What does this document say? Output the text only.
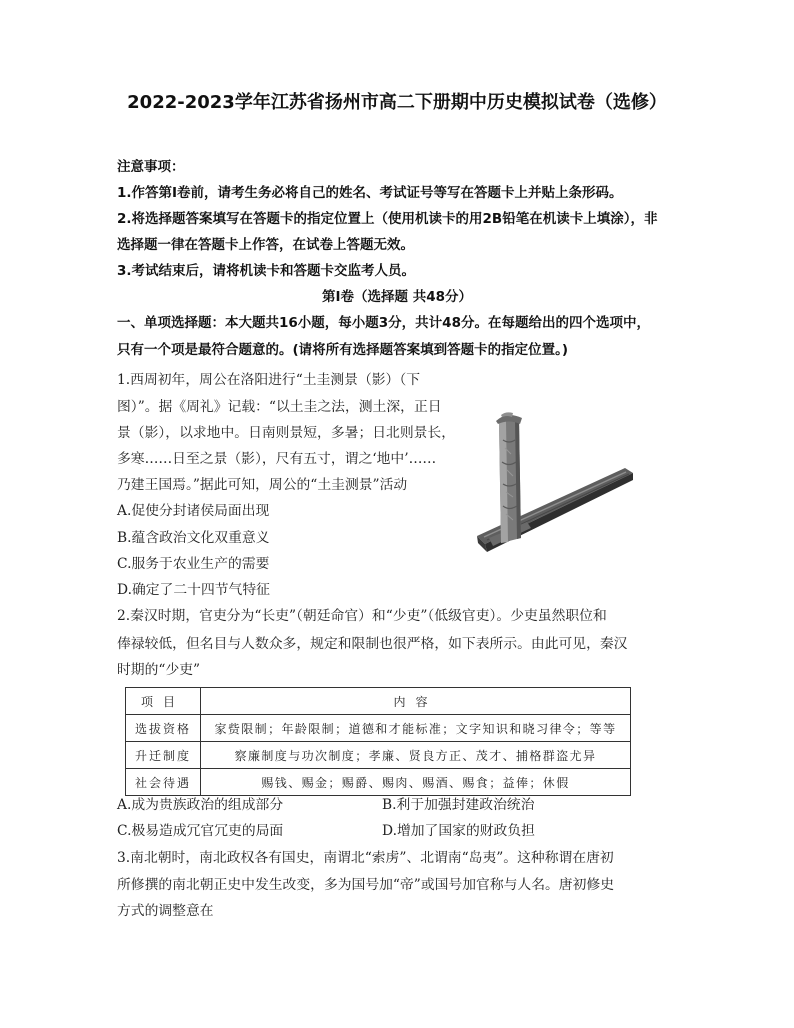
2022-2023学年江苏省扬州市高二下册期中历史模拟试卷（选修）
注意事项：
1.作答第Ⅰ卷前，请考生务必将自己的姓名、考试证号等写在答题卡上并贴上条形码。
2.将选择题答案填写在答题卡的指定位置上（使用机读卡的用2B铅笔在机读卡上填涂），非
选择题一律在答题卡上作答，在试卷上答题无效。
3.考试结束后，请将机读卡和答题卡交监考人员。
第Ⅰ卷（选择题 共48分）
一、单项选择题：本大题共16小题，每小题3分，共计48分。在每题给出的四个选项中，
只有一个项是最符合题意的。(请将所有选择题答案填到答题卡的指定位置。)
1.西周初年，周公在洛阳进行“土圭测景（影）（下
图）”。据《周礼》记载：“以土圭之法，测土深，正日
景（影），以求地中。日南则景短，多暑；日北则景长，
多寒……日至之景（影），尺有五寸，谓之‘地中’……
乃建王国焉。”据此可知，周公的“土圭测景”活动
A.促使分封诸侯局面出现
B.蕴含政治文化双重意义
C.服务于农业生产的需要
D.确定了二十四节气特征
2.秦汉时期，官吏分为“长吏”（朝廷命官）和“少吏”（低级官吏）。少吏虽然职位和
俸禄较低，但名目与人数众多，规定和限制也很严格，如下表所示。由此可见，秦汉
时期的“少吏”
项目	内容
选拔资格	家赀限制；年龄限制；道德和才能标准；文字知识和晓习律令；等等
升迁制度	察廉制度与功次制度；孝廉、贤良方正、茂才、捕格群盗尤异
社会待遇	赐钱、赐金；赐爵、赐肉、赐酒、赐食；益俸；休假
A.成为贵族政治的组成部分	B.利于加强封建政治统治
C.极易造成冗官冗吏的局面	D.增加了国家的财政负担
3.南北朝时，南北政权各有国史，南谓北“索虏”、北谓南“岛夷”。这种称谓在唐初
所修撰的南北朝正史中发生改变，多为国号加“帝”或国号加官称与人名。唐初修史
方式的调整意在
